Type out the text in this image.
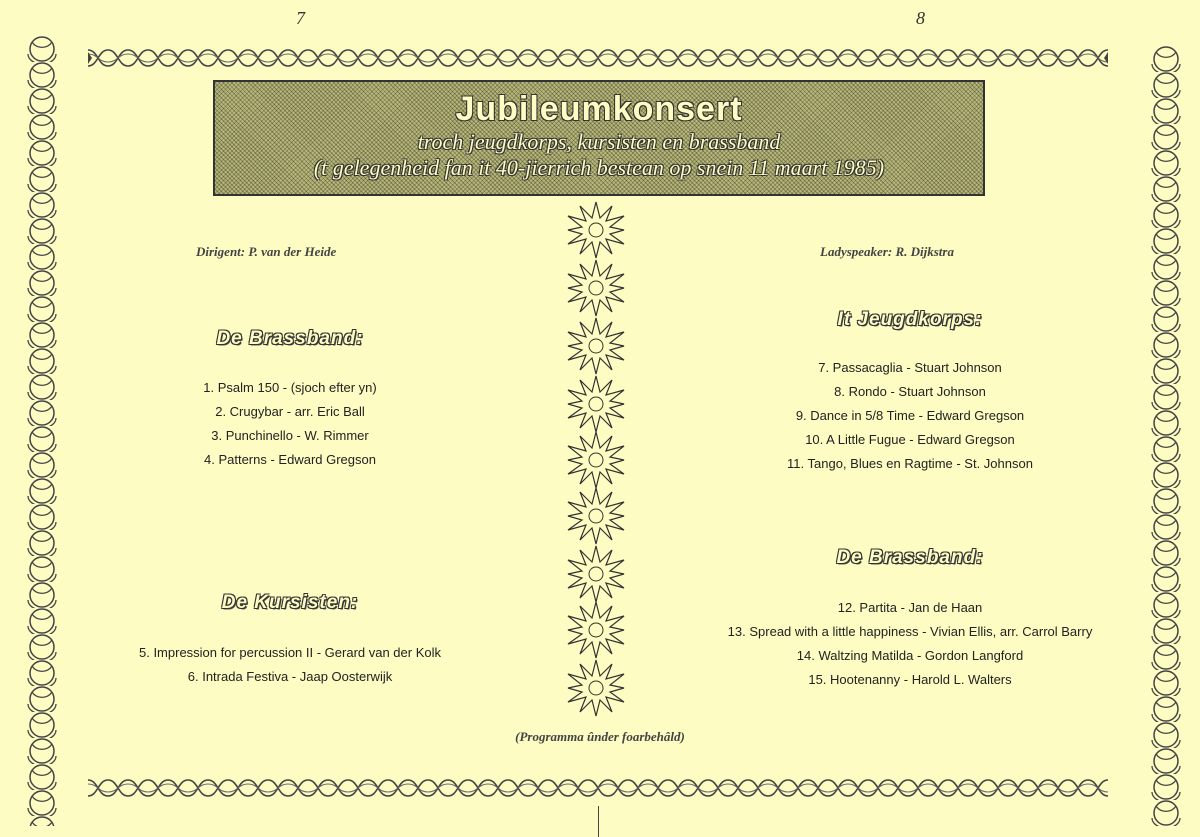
7	8
Jubileumkonsert
troch jeugdkorps, kursisten en brassband
(t gelegenheid fan it 40-jierrich bestean op snein 11 maart 1985)
Dirigent: P. van der Heide
De Brassband:
1. Psalm 150 - (sjoch efter yn)
2. Crugybar - arr. Eric Ball
3. Punchinello - W. Rimmer
4. Patterns - Edward Gregson
De Kursisten:
5. Impression for percussion II - Gerard van der Kolk
6. Intrada Festiva - Jaap Oosterwijk
Ladyspeaker: R. Dijkstra
It Jeugdkorps:
7. Passacaglia - Stuart Johnson
8. Rondo - Stuart Johnson
9. Dance in 5/8 Time - Edward Gregson
10. A Little Fugue - Edward Gregson
11. Tango, Blues en Ragtime - St. Johnson
De Brassband:
12. Partita - Jan de Haan
13. Spread with a little happiness - Vivian Ellis, arr. Carrol Barry
14. Waltzing Matilda - Gordon Langford
15. Hootenanny - Harold L. Walters
(Programma ûnder foarbehâld)
